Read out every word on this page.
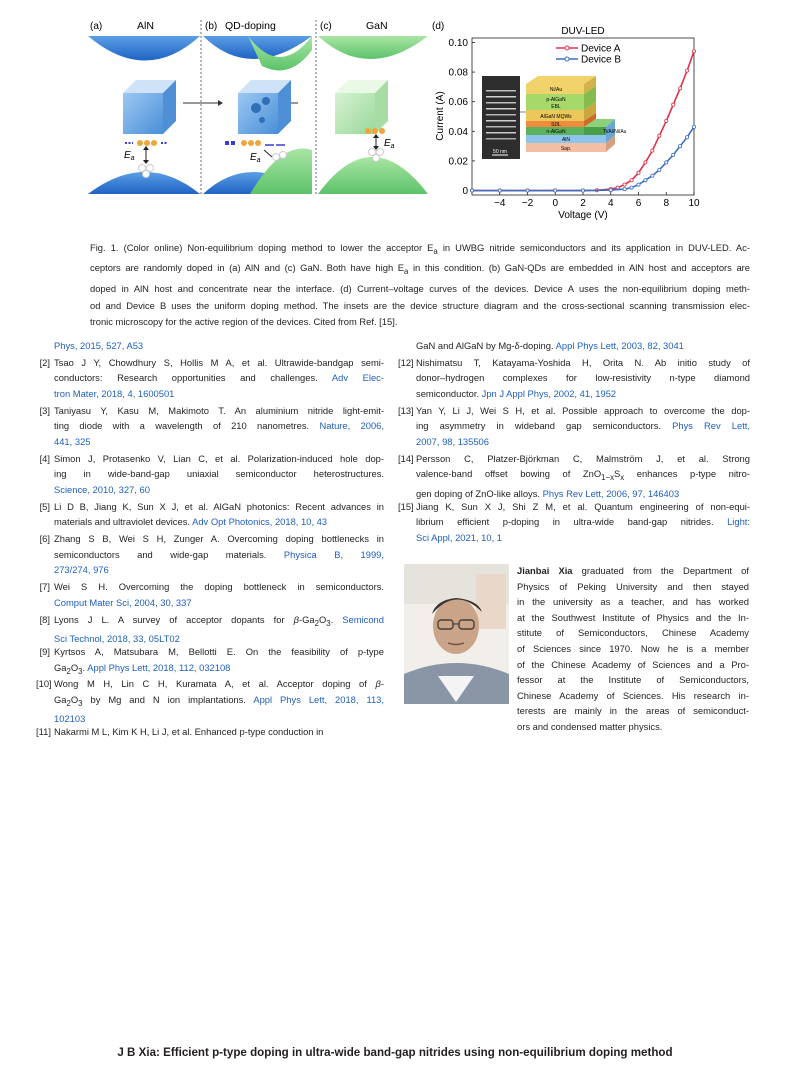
(a)	AlN	(b) QD-doping	(c)	GaN	(d)
$E_a$	$E_a$
$E_a$
DUV-LED
−4 −2 0 2 4 6 8 10
0
0.02
0.04
0.06
0.08
0.10
Voltage (V)
Current (A)
Device A
Device B
50 nm
Ni/Au
p-AlGaN
EBL
AlGaN MQWs
SDL
n-AlGaN
AlN
Sap.
Ti/Al/Ni/Au
Fig. 1. (Color online) Non-equilibrium doping method to lower the acceptor $E_a$ in UWBG nitride semiconductors and its application in DUV-LED. Ac-
ceptors are randomly doped in (a) AlN and (c) GaN. Both have high $E_a$ in this condition. (b) GaN-QDs are embedded in AlN host and acceptors are
doped in AlN host and concentrate near the interface. (d) Current–voltage curves of the devices. Device A uses the non-equilibrium doping meth-
od and Device B uses the uniform doping method. The insets are the device structure diagram and the cross-sectional scanning transmission elec-
tronic microscopy for the active region of the devices. Cited from Ref. [15].
Phys, 2015, 527, A53
[2] Tsao J Y, Chowdhury S, Hollis M A, et al. Ultrawide-bandgap semi-
conductors: Research opportunities and challenges. Adv Elec-
tron Mater, 2018, 4, 1600501
[3] Taniyasu Y, Kasu M, Makimoto T. An aluminium nitride light-emit-
ting diode with a wavelength of 210 nanometres. Nature, 2006,
441, 325
[4] Simon J, Protasenko V, Lian C, et al. Polarization-induced hole dop-
ing in wide-band-gap uniaxial semiconductor heterostructures.
Science, 2010, 327, 60
[5] Li D B, Jiang K, Sun X J, et al. AlGaN photonics: Recent advances in
materials and ultraviolet devices. Adv Opt Photonics, 2018, 10, 43
[6] Zhang S B, Wei S H, Zunger A. Overcoming doping bottlenecks in
semiconductors and wide-gap materials. Physica B, 1999,
273/274, 976
[7] Wei S H. Overcoming the doping bottleneck in semiconductors.
Comput Mater Sci, 2004, 30, 337
[8] Lyons J L. A survey of acceptor dopants for $\beta-Ga_2O_3$. Semicond
Sci Technol, 2018, 33, 05LT02
[9] Kyrtsos A, Matsubara M, Bellotti E. On the feasibility of p-type
$Ga_2O_3$. Appl Phys Lett, 2018, 112, 032108
[10] Wong M H, Lin C H, Kuramata A, et al. Acceptor doping of β-
$Ga_2O_3$ by Mg and N ion implantations. Appl Phys Lett, 2018, 113,
102103
[11] Nakarmi M L, Kim K H, Li J, et al. Enhanced p-type conduction in
GaN and AlGaN by Mg-δ-doping. Appl Phys Lett, 2003, 82, 3041
[12] Nishimatsu T, Katayama-Yoshida H, Orita N. Ab initio study of
donor–hydrogen complexes for low-resistivity n-type diamond
semiconductor. Jpn J Appl Phys, 2002, 41, 1952
[13] Yan Y, Li J, Wei S H, et al. Possible approach to overcome the dop-
ing asymmetry in wideband gap semiconductors. Phys Rev Lett,
2007, 98, 135506
[14] Persson C, Platzer-Björkman C, Malmström J, et al. Strong
valence-band offset bowing of $ZnO_{1-x}S_x$ enhances p-type nitro-
gen doping of ZnO-like alloys. Phys Rev Lett, 2006, 97, 146403
[15] Jiang K, Sun X J, Shi Z M, et al. Quantum engineering of non-equi-
librium efficient p-doping in ultra-wide band-gap nitrides. Light:
Sci Appl, 2021, 10, 1
Jianbai Xia graduated from the Department of
Physics of Peking University and then stayed
in the university as a teacher, and has worked
at the Southwest Institute of Physics and the In-
stitute of Semiconductors, Chinese Academy
of Sciences since 1970. Now he is a member
of the Chinese Academy of Sciences and a Pro-
fessor at the Institute of Semiconductors,
Chinese Academy of Sciences. His research in-
terests are mainly in the areas of semiconduct-
ors and condensed matter physics.
J B Xia: Efficient p-type doping in ultra-wide band-gap nitrides using non-equilibrium doping method
